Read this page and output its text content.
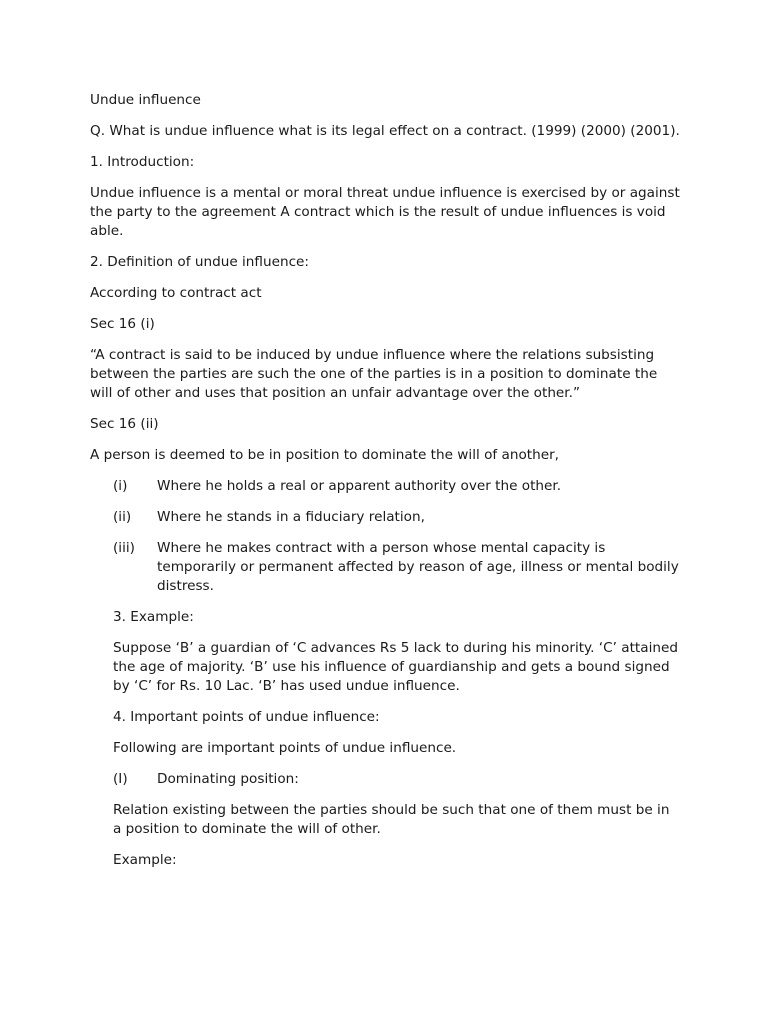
Undue influence

Q. What is undue influence what is its legal effect on a contract. (1999) (2000) (2001).

1. Introduction:

Undue influence is a mental or moral threat undue influence is exercised by or against the party to the agreement A contract which is the result of undue influences is void able.

2. Definition of undue influence:

According to contract act

Sec 16 (i)

“A contract is said to be induced by undue influence where the relations subsisting between the parties are such the one of the parties is in a position to dominate the will of other and uses that position an unfair advantage over the other.”

Sec 16 (ii)

A person is deemed to be in position to dominate the will of another,

(i)	Where he holds a real or apparent authority over the other.
(ii)	Where he stands in a fiduciary relation,
(iii)	Where he makes contract with a person whose mental capacity is temporarily or permanent affected by reason of age, illness or mental bodily distress.

3. Example:

Suppose ‘B’ a guardian of ‘C advances Rs 5 lack to during his minority. ‘C’ attained the age of majority. ‘B’ use his influence of guardianship and gets a bound signed by ‘C’ for Rs. 10 Lac. ‘B’ has used undue influence.

4. Important points of undue influence:

Following are important points of undue influence.

(I)	Dominating position:

Relation existing between the parties should be such that one of them must be in a position to dominate the will of other.

Example:
